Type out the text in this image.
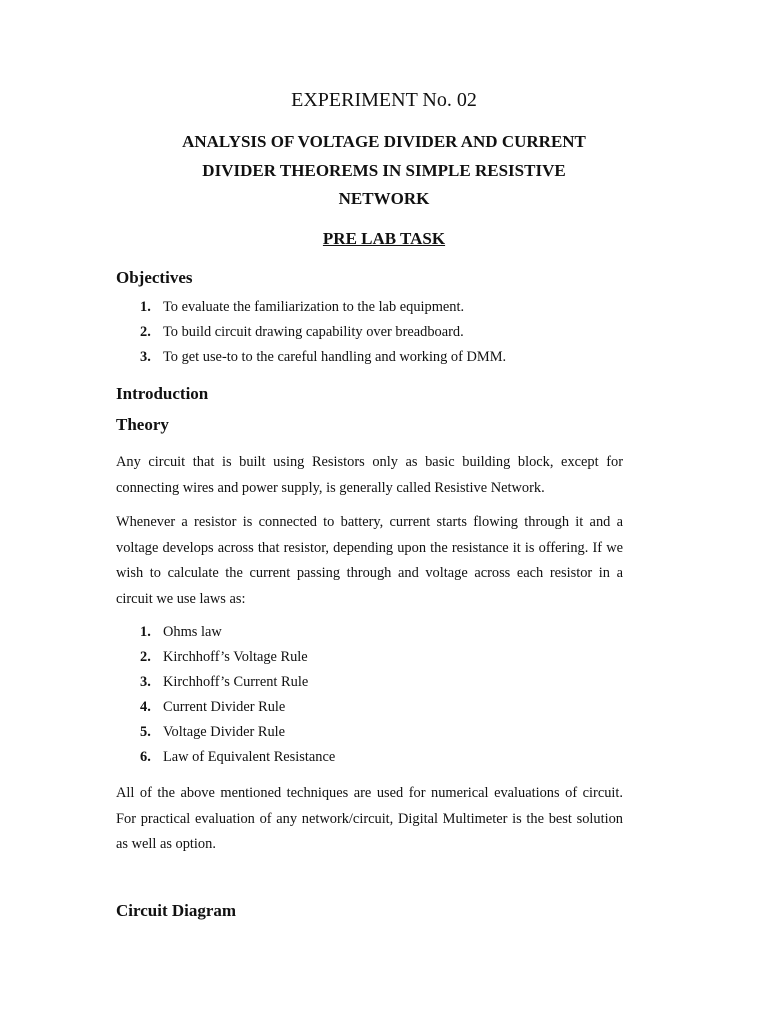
EXPERIMENT No. 02
ANALYSIS OF VOLTAGE DIVIDER AND CURRENT
DIVIDER THEOREMS IN SIMPLE RESISTIVE
NETWORK
PRE LAB TASK
Objectives
1. To evaluate the familiarization to the lab equipment.
2. To build circuit drawing capability over breadboard.
3. To get use-to to the careful handling and working of DMM.
Introduction
Theory

Any circuit that is built using Resistors only as basic building block, except for connecting wires and power supply, is generally called Resistive Network.

Whenever a resistor is connected to battery, current starts flowing through it and a voltage develops across that resistor, depending upon the resistance it is offering. If we wish to calculate the current passing through and voltage across each resistor in a circuit we use laws as:

1. Ohms law
2. Kirchhoff’s Voltage Rule
3. Kirchhoff’s Current Rule
4. Current Divider Rule
5. Voltage Divider Rule
6. Law of Equivalent Resistance

All of the above mentioned techniques are used for numerical evaluations of circuit. For practical evaluation of any network/circuit, Digital Multimeter is the best solution as well as option.

Circuit Diagram
